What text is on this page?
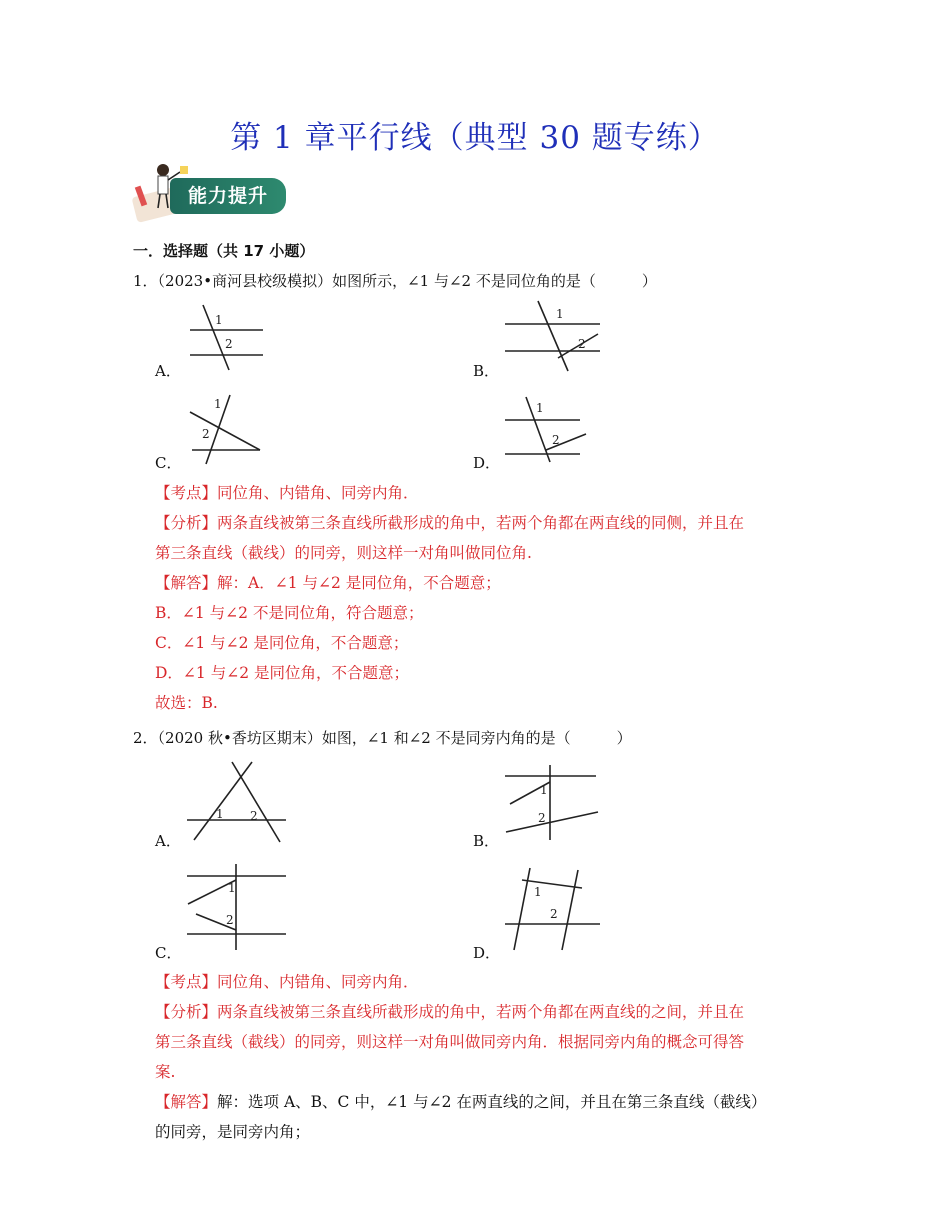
第 1 章平行线（典型 30 题专练）
能力提升
一．选择题（共 17 小题）
1．（2023•商河县校级模拟）如图所示，∠1 与∠2 不是同位角的是（	）
1
2
A．
1
2
B．
1
2
C．
1
2
D．
【考点】同位角、内错角、同旁内角．
【分析】两条直线被第三条直线所截形成的角中，若两个角都在两直线的同侧，并且在
第三条直线（截线）的同旁，则这样一对角叫做同位角.
【解答】解：A．∠1 与∠2 是同位角，不合题意；
B．∠1 与∠2 不是同位角，符合题意；
C．∠1 与∠2 是同位角，不合题意；
D．∠1 与∠2 是同位角，不合题意；
故选：B.
2．（2020 秋•香坊区期末）如图，∠1 和∠2 不是同旁内角的是（	）
1 2
A．
1
2
B．
1
2
C．
1
2
D．
【考点】同位角、内错角、同旁内角．
【分析】两条直线被第三条直线所截形成的角中，若两个角都在两直线的之间，并且在
第三条直线（截线）的同旁，则这样一对角叫做同旁内角．根据同旁内角的概念可得答
案.
【解答】解：选项 A、B、C 中，∠1 与∠2 在两直线的之间，并且在第三条直线（截线）
的同旁，是同旁内角；
